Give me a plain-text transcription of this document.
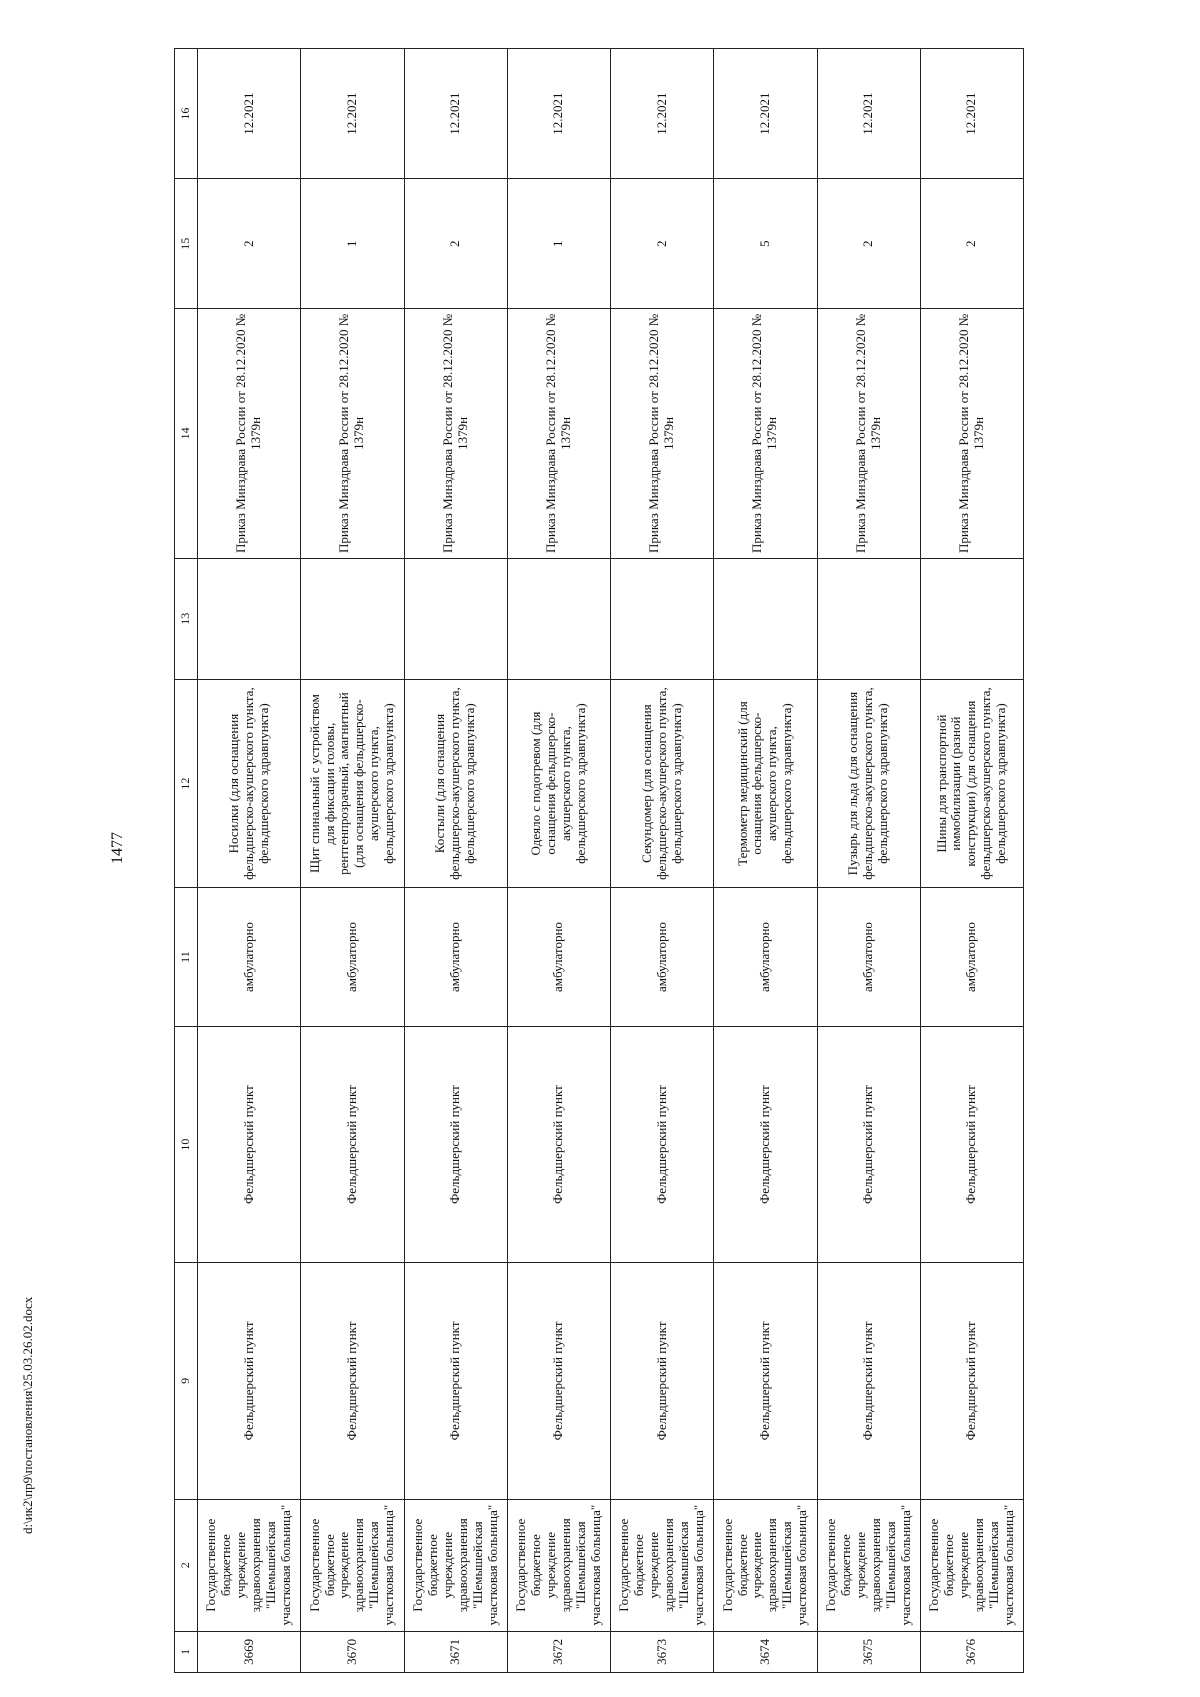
1477
1	2	9	10	11	12	13	14	15	16
3669	Государственное бюджетное учреждение здравоохранения "Шемышейская участковая больница"	Фельдшерский пункт	Фельдшерский пункт	амбулаторно	Носилки (для оснащения фельдшерско-акушерского пункта, фельдшерского здравпункта)		Приказ Минздрава России от 28.12.2020 № 1379н	2	12.2021
3670	Государственное бюджетное учреждение здравоохранения "Шемышейская участковая больница"	Фельдшерский пункт	Фельдшерский пункт	амбулаторно	Щит спинальный с устройством для фиксации головы, рентгенпрозрачный, амагнитный (для оснащения фельдшерско-акушерского пункта, фельдшерского здравпункта)		Приказ Минздрава России от 28.12.2020 № 1379н	1	12.2021
3671	Государственное бюджетное учреждение здравоохранения "Шемышейская участковая больница"	Фельдшерский пункт	Фельдшерский пункт	амбулаторно	Костыли (для оснащения фельдшерско-акушерского пункта, фельдшерского здравпункта)		Приказ Минздрава России от 28.12.2020 № 1379н	2	12.2021
3672	Государственное бюджетное учреждение здравоохранения "Шемышейская участковая больница"	Фельдшерский пункт	Фельдшерский пункт	амбулаторно	Одеяло с подогревом (для оснащения фельдшерско-акушерского пункта, фельдшерского здравпункта)		Приказ Минздрава России от 28.12.2020 № 1379н	1	12.2021
3673	Государственное бюджетное учреждение здравоохранения "Шемышейская участковая больница"	Фельдшерский пункт	Фельдшерский пункт	амбулаторно	Секундомер (для оснащения фельдшерско-акушерского пункта, фельдшерского здравпункта)		Приказ Минздрава России от 28.12.2020 № 1379н	2	12.2021
3674	Государственное бюджетное учреждение здравоохранения "Шемышейская участковая больница"	Фельдшерский пункт	Фельдшерский пункт	амбулаторно	Термометр медицинский (для оснащения фельдшерско-акушерского пункта, фельдшерского здравпункта)		Приказ Минздрава России от 28.12.2020 № 1379н	5	12.2021
3675	Государственное бюджетное учреждение здравоохранения "Шемышейская участковая больница"	Фельдшерский пункт	Фельдшерский пункт	амбулаторно	Пузырь для льда (для оснащения фельдшерско-акушерского пункта, фельдшерского здравпункта)		Приказ Минздрава России от 28.12.2020 № 1379н	2	12.2021
3676	Государственное бюджетное учреждение здравоохранения "Шемышейская участковая больница"	Фельдшерский пункт	Фельдшерский пункт	амбулаторно	Шины для транспортной иммобилизации (разной конструкции) (для оснащения фельдшерско-акушерского пункта, фельдшерского здравпункта)		Приказ Минздрава России от 28.12.2020 № 1379н	2	12.2021
d:\ик2\пр9\постановления\25.03.26.02.docx
